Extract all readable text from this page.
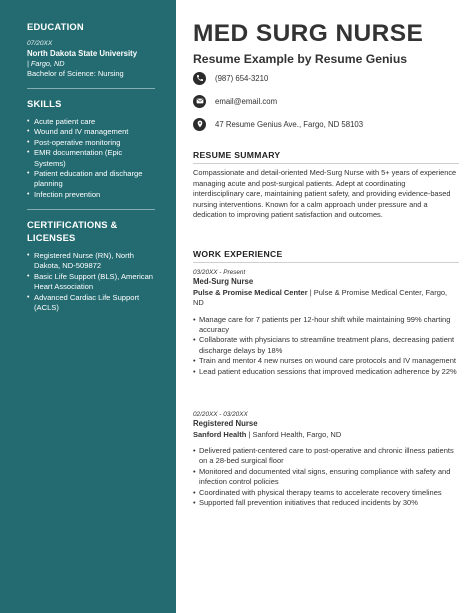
EDUCATION
07/20XX
North Dakota State University
| Fargo, ND
Bachelor of Science: Nursing
SKILLS
• Acute patient care
• Wound and IV management
• Post-operative monitoring
• EMR documentation (Epic Systems)
• Patient education and discharge planning
• Infection prevention
CERTIFICATIONS & LICENSES
• Registered Nurse (RN), North Dakota, ND-509872
• Basic Life Support (BLS), American Heart Association
• Advanced Cardiac Life Support (ACLS)
MED SURG NURSE
Resume Example by Resume Genius
(987) 654-3210
email@email.com
47 Resume Genius Ave., Fargo, ND 58103
RESUME SUMMARY

Compassionate and detail-oriented Med-Surg Nurse with 5+ years of experience managing acute and post-surgical patients. Adept at coordinating interdisciplinary care, maintaining patient safety, and providing evidence-based nursing interventions. Known for a calm approach under pressure and a dedication to improving patient satisfaction and outcomes.

WORK EXPERIENCE
03/20XX - Present
Med-Surg Nurse
Pulse & Promise Medical Center | Pulse & Promise Medical Center, Fargo, ND
• Manage care for 7 patients per 12-hour shift while maintaining 99% charting accuracy
• Collaborate with physicians to streamline treatment plans, decreasing patient discharge delays by 18%
• Train and mentor 4 new nurses on wound care protocols and IV management
• Lead patient education sessions that improved medication adherence by 22%
02/20XX - 03/20XX
Registered Nurse
Sanford Health | Sanford Health, Fargo, ND
• Delivered patient-centered care to post-operative and chronic illness patients on a 28-bed surgical floor
• Monitored and documented vital signs, ensuring compliance with safety and infection control policies
• Coordinated with physical therapy teams to accelerate recovery timelines
• Supported fall prevention initiatives that reduced incidents by 30%
